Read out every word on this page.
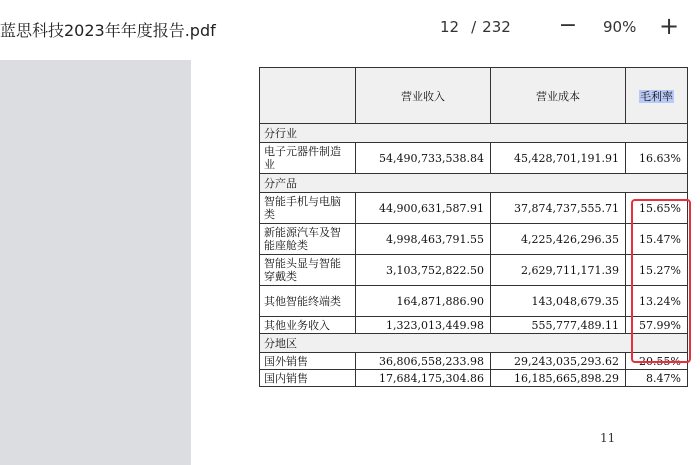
蓝思科技2023年年度报告.pdf	12 / 232 − 90% +
	营业收入	营业成本	毛利率
分行业			
电子元器件制造业	54,490,733,538.84	45,428,701,191.91	16.63%
分产品			
智能手机与电脑类	44,900,631,587.91	37,874,737,555.71	15.65%
新能源汽车及智能座舱类	4,998,463,791.55	4,225,426,296.35	15.47%
智能头显与智能穿戴类	3,103,752,822.50	2,629,711,171.39	15.27%
其他智能终端类	164,871,886.90	143,048,679.35	13.24%
其他业务收入	1,323,013,449.98	555,777,489.11	57.99%
分地区			
国外销售	36,806,558,233.98	29,243,035,293.62	20.55%
国内销售	17,684,175,304.86	16,185,665,898.29	8.47%
11
